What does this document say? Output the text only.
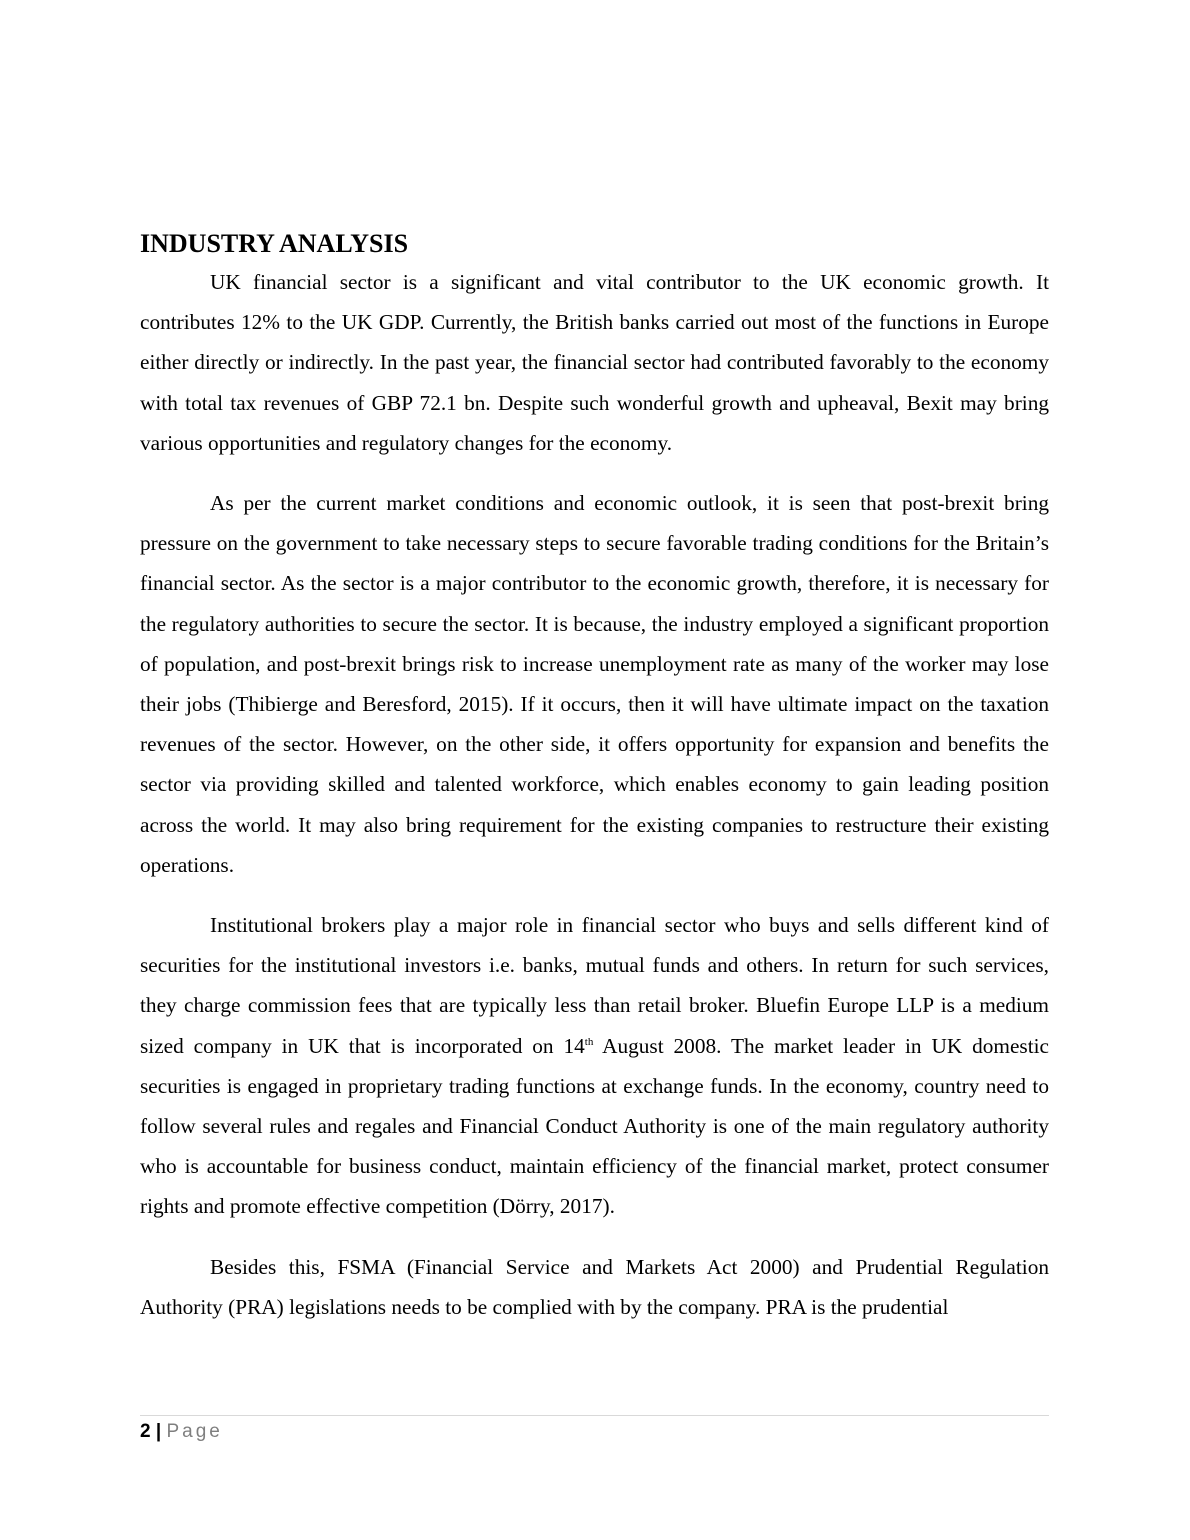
INDUSTRY ANALYSIS

UK financial sector is a significant and vital contributor to the UK economic growth. It contributes 12% to the UK GDP. Currently, the British banks carried out most of the functions in Europe either directly or indirectly. In the past year, the financial sector had contributed favorably to the economy with total tax revenues of GBP 72.1 bn. Despite such wonderful growth and upheaval, Bexit may bring various opportunities and regulatory changes for the economy.

As per the current market conditions and economic outlook, it is seen that post-brexit bring pressure on the government to take necessary steps to secure favorable trading conditions for the Britain’s financial sector. As the sector is a major contributor to the economic growth, therefore, it is necessary for the regulatory authorities to secure the sector. It is because, the industry employed a significant proportion of population, and post-brexit brings risk to increase unemployment rate as many of the worker may lose their jobs (Thibierge and Beresford, 2015). If it occurs, then it will have ultimate impact on the taxation revenues of the sector. However, on the other side, it offers opportunity for expansion and benefits the sector via providing skilled and talented workforce, which enables economy to gain leading position across the world. It may also bring requirement for the existing companies to restructure their existing operations.

Institutional brokers play a major role in financial sector who buys and sells different kind of securities for the institutional investors i.e. banks, mutual funds and others. In return for such services, they charge commission fees that are typically less than retail broker. Bluefin Europe LLP is a medium sized company in UK that is incorporated on 14th August 2008. The market leader in UK domestic securities is engaged in proprietary trading functions at exchange funds. In the economy, country need to follow several rules and regales and Financial Conduct Authority is one of the main regulatory authority who is accountable for business conduct, maintain efficiency of the financial market, protect consumer rights and promote effective competition (Dörry, 2017).

Besides this, FSMA (Financial Service and Markets Act 2000) and Prudential Regulation Authority (PRA) legislations needs to be complied with by the company. PRA is the prudential

2 | Page
